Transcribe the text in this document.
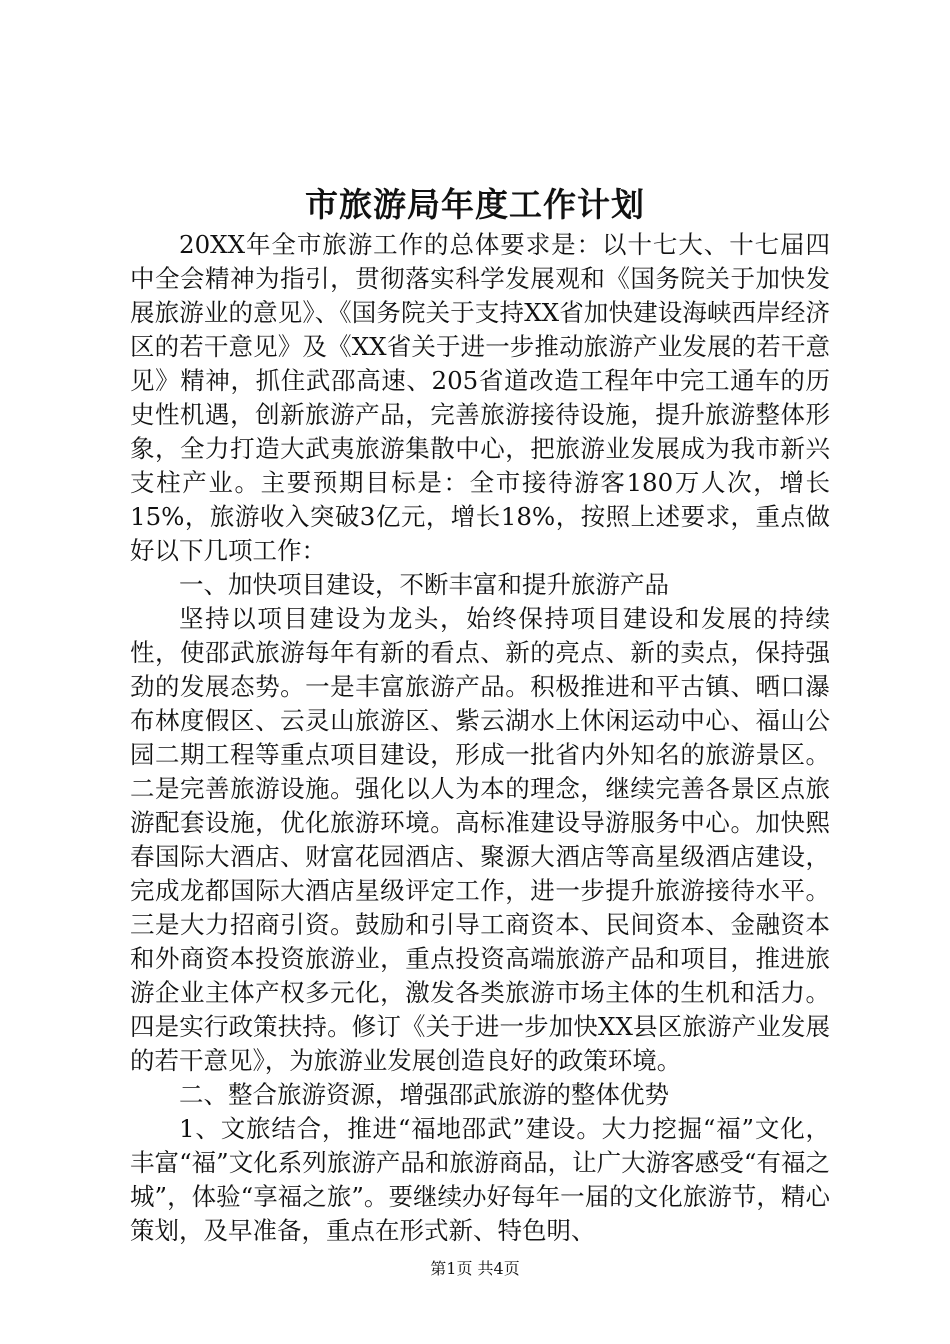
市旅游局年度工作计划

20XX年全市旅游工作的总体要求是：以十七大、十七届四中全会精神为指引，贯彻落实科学发展观和《国务院关于加快发展旅游业的意见》、《国务院关于支持XX省加快建设海峡西岸经济区的若干意见》及《XX省关于进一步推动旅游产业发展的若干意见》精神，抓住武邵高速、205省道改造工程年中完工通车的历史性机遇，创新旅游产品，完善旅游接待设施，提升旅游整体形象，全力打造大武夷旅游集散中心，把旅游业发展成为我市新兴支柱产业。主要预期目标是：全市接待游客180万人次，增长15%，旅游收入突破3亿元，增长18%，按照上述要求，重点做好以下几项工作：

一、加快项目建设，不断丰富和提升旅游产品

坚持以项目建设为龙头，始终保持项目建设和发展的持续性，使邵武旅游每年有新的看点、新的亮点、新的卖点，保持强劲的发展态势。一是丰富旅游产品。积极推进和平古镇、晒口瀑布林度假区、云灵山旅游区、紫云湖水上休闲运动中心、福山公园二期工程等重点项目建设，形成一批省内外知名的旅游景区。二是完善旅游设施。强化以人为本的理念，继续完善各景区点旅游配套设施，优化旅游环境。高标准建设导游服务中心。加快熙春国际大酒店、财富花园酒店、聚源大酒店等高星级酒店建设，完成龙都国际大酒店星级评定工作，进一步提升旅游接待水平。三是大力招商引资。鼓励和引导工商资本、民间资本、金融资本和外商资本投资旅游业，重点投资高端旅游产品和项目，推进旅游企业主体产权多元化，激发各类旅游市场主体的生机和活力。四是实行政策扶持。修订《关于进一步加快XX县区旅游产业发展的若干意见》，为旅游业发展创造良好的政策环境。

二、整合旅游资源，增强邵武旅游的整体优势

1、文旅结合，推进“福地邵武”建设。大力挖掘“福”文化，丰富“福”文化系列旅游产品和旅游商品，让广大游客感受“有福之城”，体验“享福之旅”。要继续办好每年一届的文化旅游节，精心策划，及早准备，重点在形式新、特色明、

第1页 共4页
